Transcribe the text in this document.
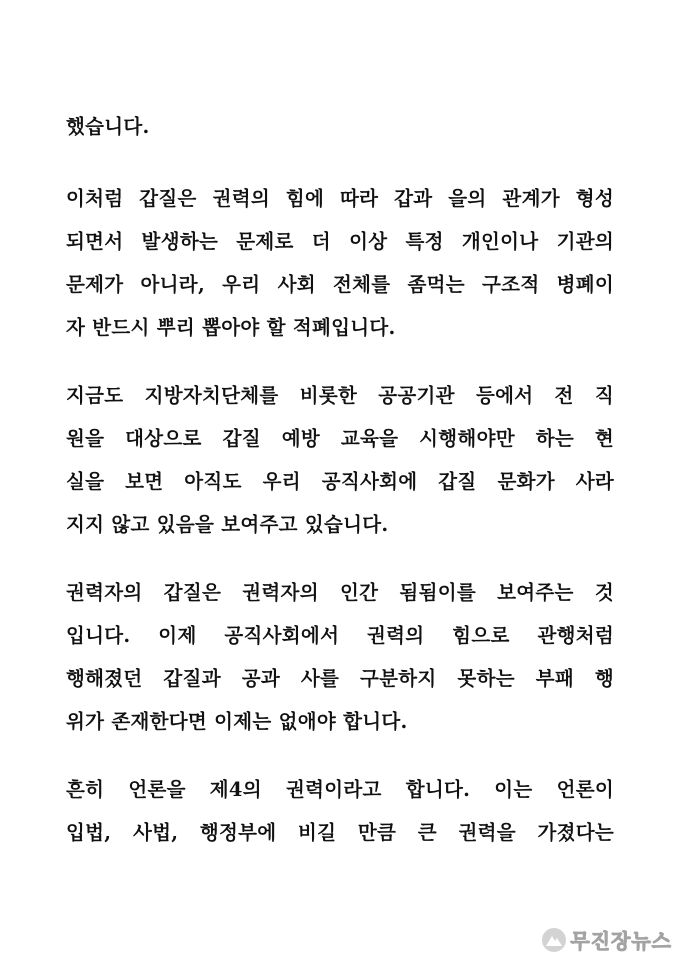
했습니다.
이처럼 갑질은 권력의 힘에 따라 갑과 을의 관계가 형성
되면서 발생하는 문제로 더 이상 특정 개인이나 기관의
문제가 아니라, 우리 사회 전체를 좀먹는 구조적 병폐이
자 반드시 뿌리 뽑아야 할 적폐입니다.
지금도 지방자치단체를 비롯한 공공기관 등에서 전 직
원을 대상으로 갑질 예방 교육을 시행해야만 하는 현
실을 보면 아직도 우리 공직사회에 갑질 문화가 사라
지지 않고 있음을 보여주고 있습니다.
권력자의 갑질은 권력자의 인간 됨됨이를 보여주는 것
입니다. 이제 공직사회에서 권력의 힘으로 관행처럼
행해졌던 갑질과 공과 사를 구분하지 못하는 부패 행
위가 존재한다면 이제는 없애야 합니다.
흔히 언론을 제4의 권력이라고 합니다. 이는 언론이
입법, 사법, 행정부에 비길 만큼 큰 권력을 가졌다는
무진장뉴스
